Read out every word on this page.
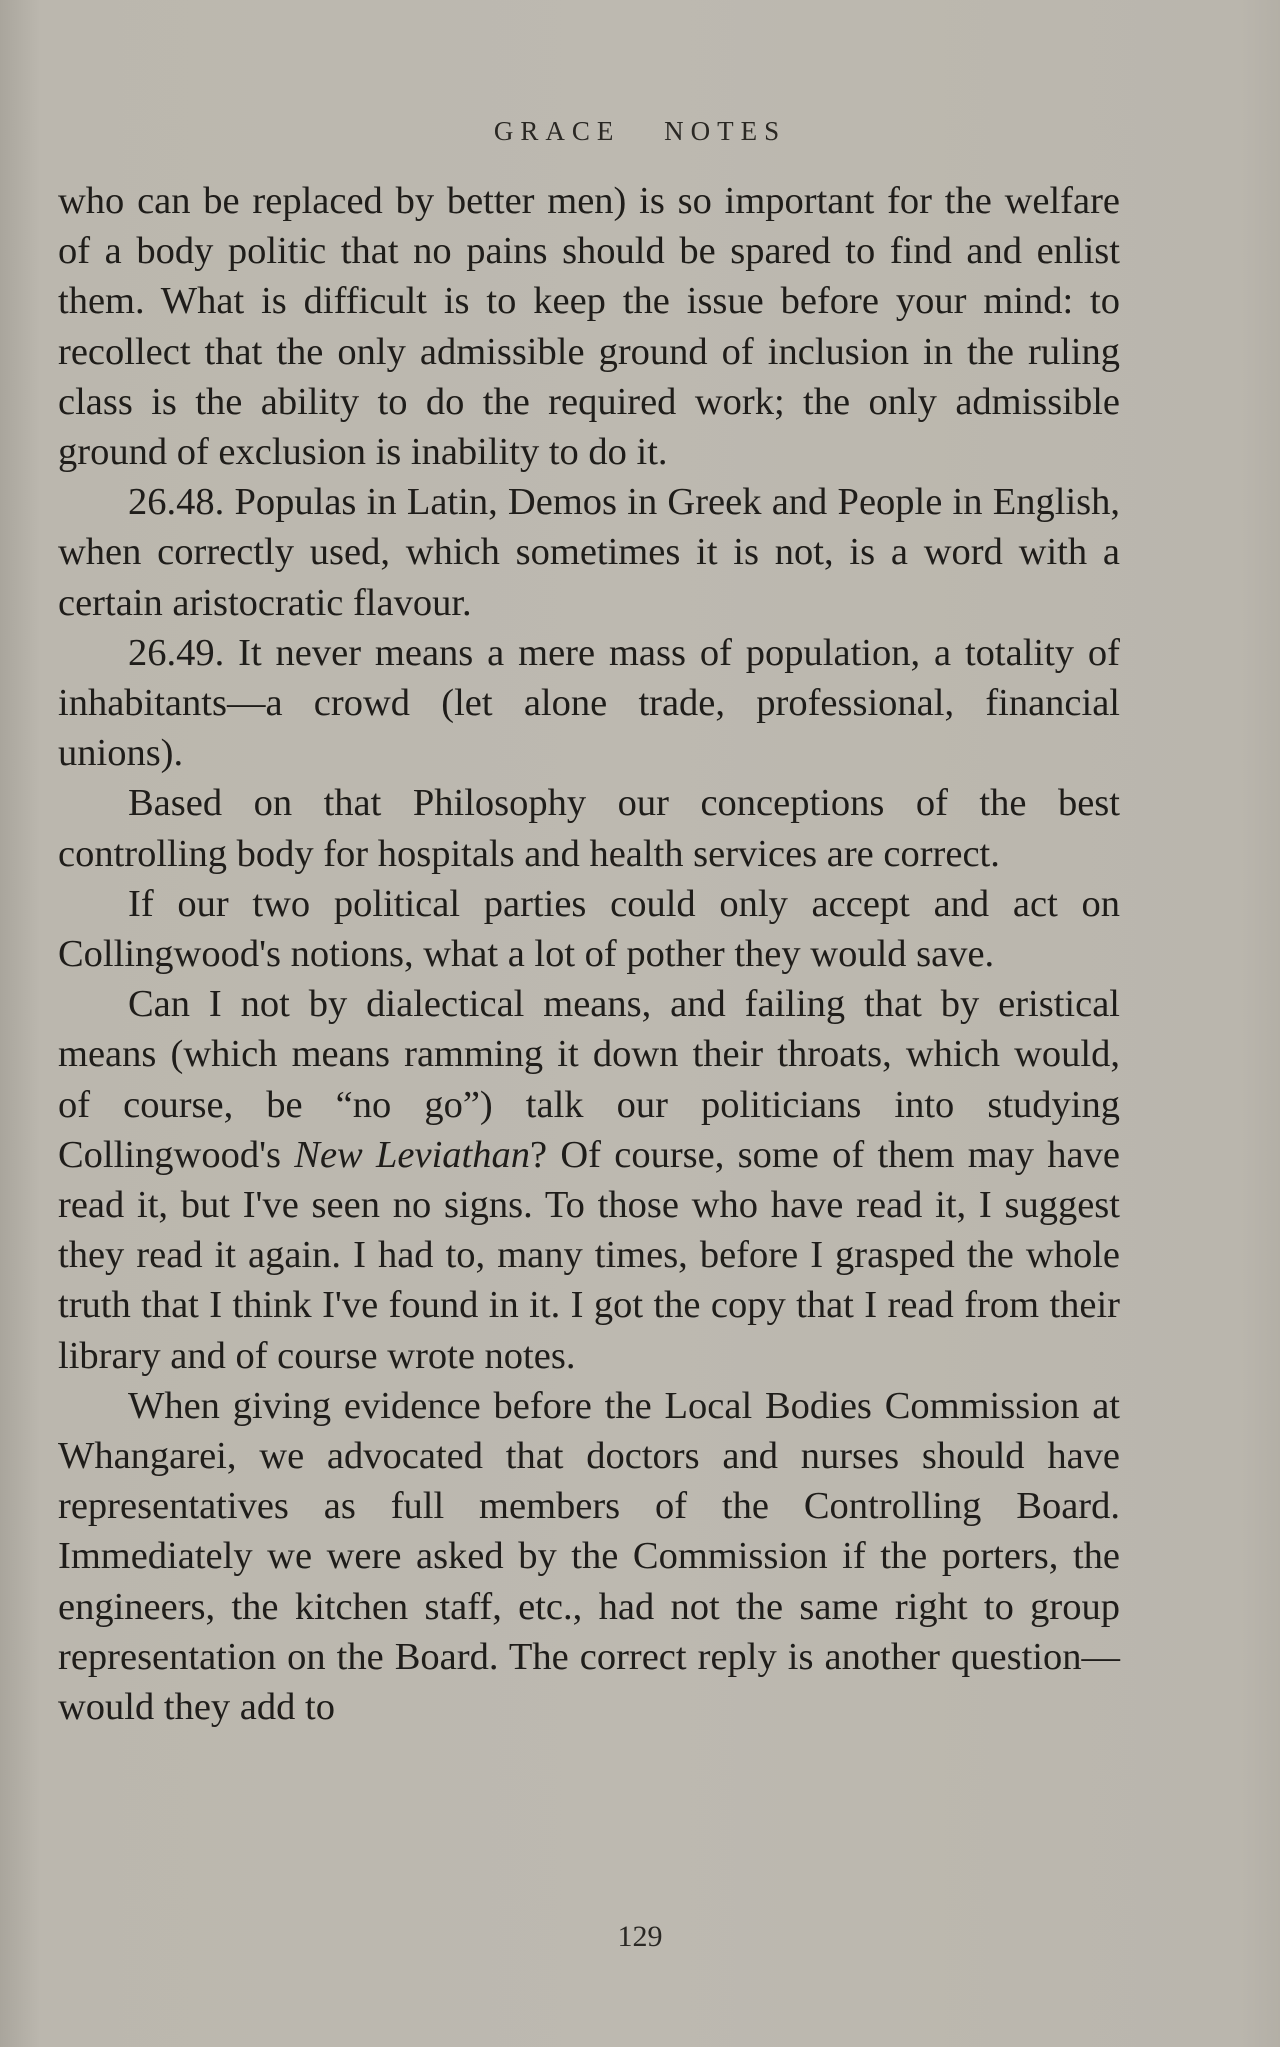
GRACE NOTES

who can be replaced by better men) is so important for the welfare of a body politic that no pains should be spared to find and enlist them. What is difficult is to keep the issue before your mind: to recollect that the only admissible ground of inclusion in the ruling class is the ability to do the required work; the only admissible ground of exclusion is inability to do it.

26.48. Populas in Latin, Demos in Greek and People in English, when correctly used, which sometimes it is not, is a word with a certain aristocratic flavour.

26.49. It never means a mere mass of population, a totality of inhabitants—a crowd (let alone trade, professional, financial unions).

Based on that Philosophy our conceptions of the best controlling body for hospitals and health services are correct.

If our two political parties could only accept and act on Collingwood's notions, what a lot of pother they would save.

Can I not by dialectical means, and failing that by eristical means (which means ramming it down their throats, which would, of course, be “no go”) talk our politicians into studying Collingwood's New Leviathan? Of course, some of them may have read it, but I've seen no signs. To those who have read it, I suggest they read it again. I had to, many times, before I grasped the whole truth that I think I've found in it. I got the copy that I read from their library and of course wrote notes.

When giving evidence before the Local Bodies Commission at Whangarei, we advocated that doctors and nurses should have representatives as full members of the Controlling Board. Immediately we were asked by the Commission if the porters, the engineers, the kitchen staff, etc., had not the same right to group representation on the Board. The correct reply is another question—would they add to

129
